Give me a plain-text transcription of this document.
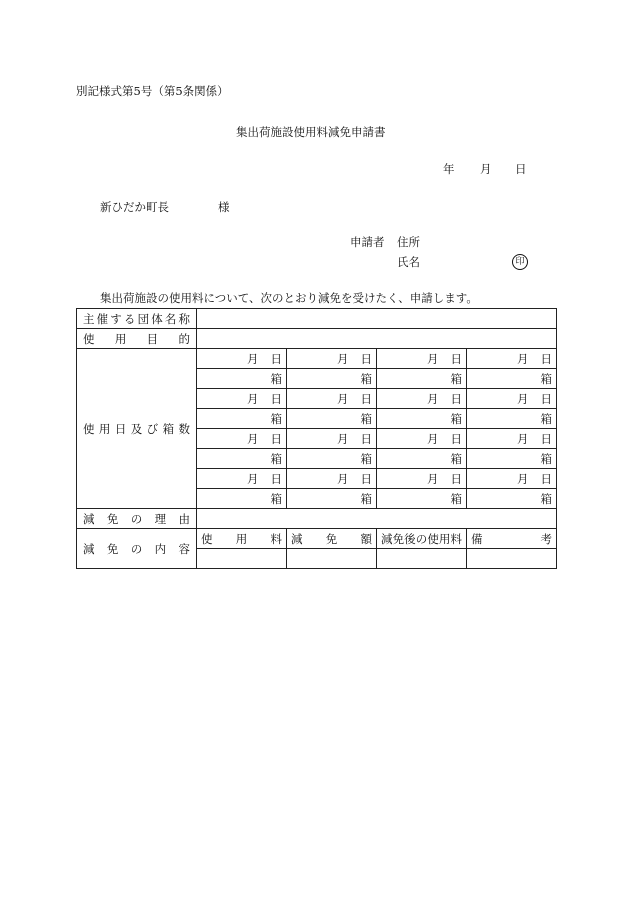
別記様式第5号（第5条関係）
集出荷施設使用料減免申請書
年 月 日
新ひだか町長	様
申請者 住所
氏名	印
集出荷施設の使用料について、次のとおり減免を受けたく、申請します。
主催する団体名称				
使　用　目　的				
使用日及び箱数	月 日	月 日	月 日	月 日
	箱	箱	箱	箱
	月 日	月 日	月 日	月 日
	箱	箱	箱	箱
	月 日	月 日	月 日	月 日
	箱	箱	箱	箱
	月 日	月 日	月 日	月 日
	箱	箱	箱	箱
減　免　の　理　由				
減　免　の　内　容	使　　用　　料	減　　免　　額	減免後の使用料	備　　　　考
